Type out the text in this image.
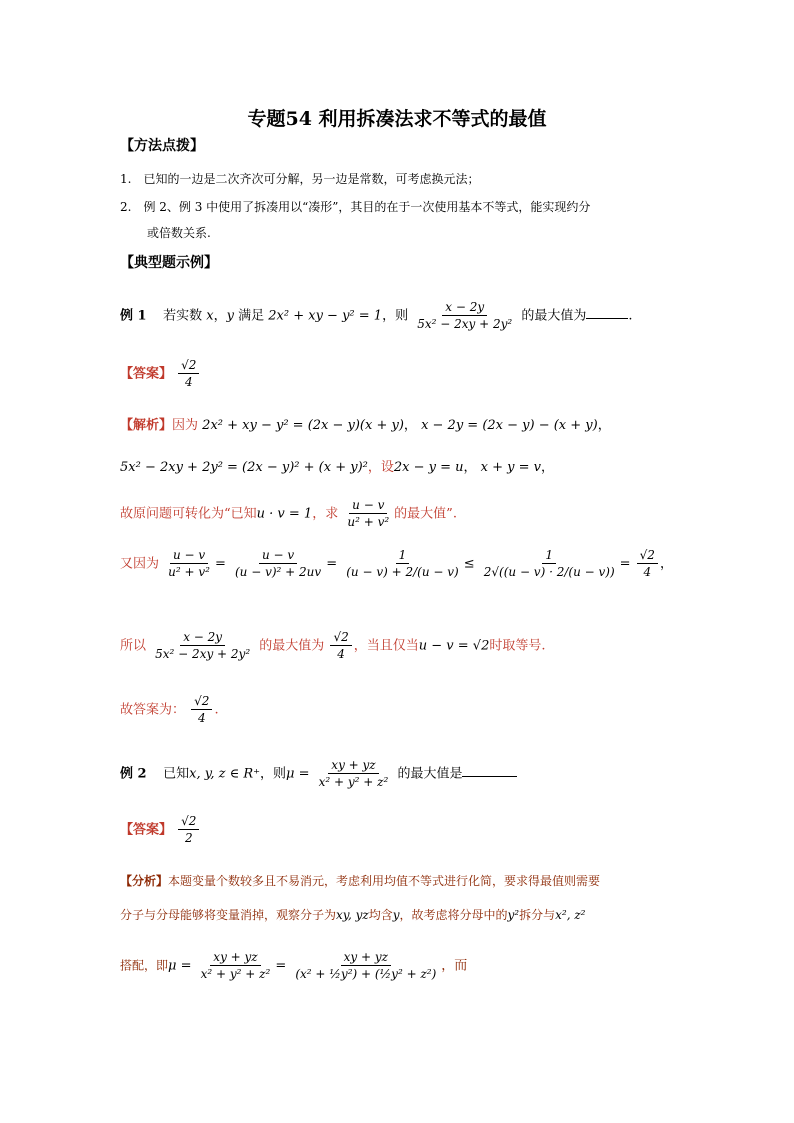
专题54 利用拆凑法求不等式的最值
【方法点拨】
1.　已知的一边是二次齐次可分解，另一边是常数，可考虑换元法；
2.　例 2、例 3 中使用了拆凑用以“凑形”，其目的在于一次使用基本不等式，能实现约分
或倍数关系.
【典型题示例】
例 1 若实数 x，y 满足 2x² + xy − y² = 1，则 $\frac{x - 2y}{\text{5x² − 2xy + 2y²}}$ 的最大值为	.
【答案】 $\frac{√2}{4}$
【解析】因为 2x² + xy − y² = (2x − y)(x + y)， x − 2y = (2x − y) − (x + y)，
5x² − 2xy + 2y² = (2x − y)² + (x + y)²，设2x − y = u， x + y = v，
故原问题可转化为“已知u · v = 1，求 $\frac{u - v}{\text{u² + v²}}$ 的最大值”.
又因为 $\frac{u - v}{\text{u² + v²}} = \frac{u - v}{\text{(u − v)² + 2uv}} = \frac{1}{(u - v) + 2/(u - v)} \le \frac{1}{2√((u - v) \cdot 2/(u - v))} = \frac{√2}{4}$ ，
所以 $\frac{x - 2y}{\text{5x² − 2xy + 2y²}}$ 的最大值为 $\frac{√2}{4}$ ，当且仅当u − v = √2时取等号.
故答案为： $\frac{√2}{4}$ .
例 2 已知x, y, z ∈ R⁺，则$\mu = \frac{xy + yz}{\text{x² + y² + z²}}$ 的最大值是
【答案】 $\frac{√2}{2}$
【分析】本题变量个数较多且不易消元，考虑利用均值不等式进行化简，要求得最值则需要
分子与分母能够将变量消掉，观察分子为xy, yz均含y，故考虑将分母中的y²拆分与x², z²
搭配，即$\mu = \frac{xy + yz}{\text{x² + y² + z²}} = \frac{xy + yz}{\text{(x² + ½y²) + (½y² + z²)}}$ ，而
